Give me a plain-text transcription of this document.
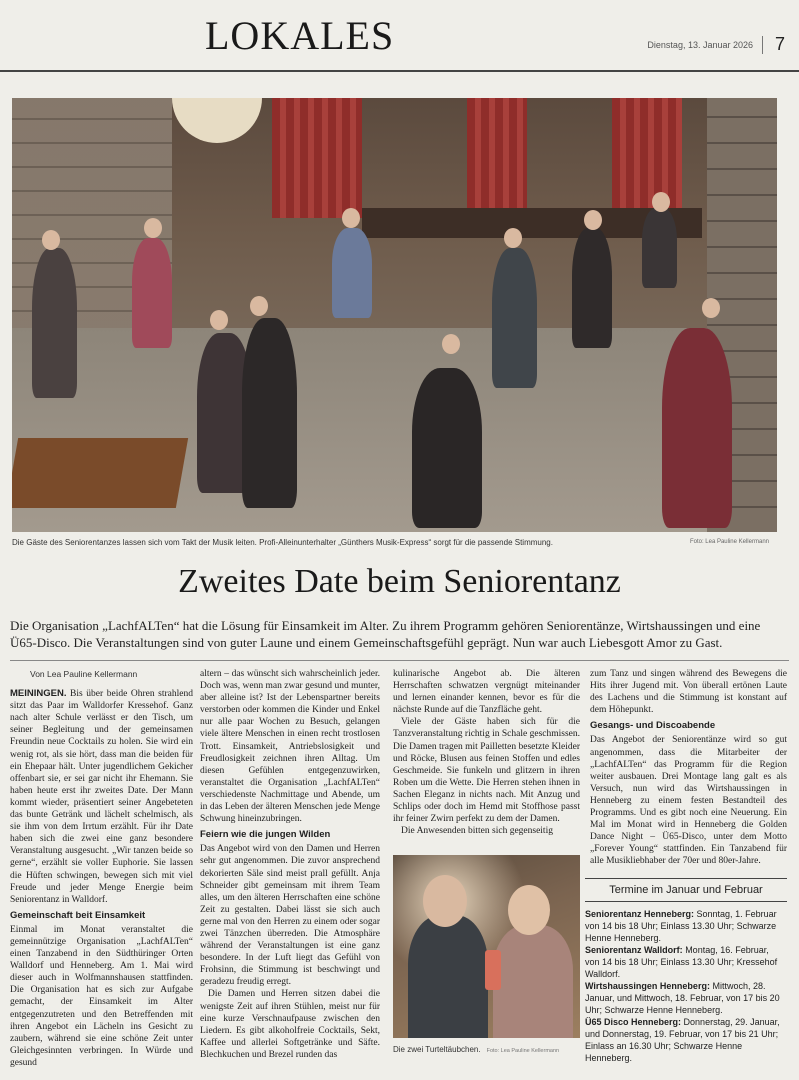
LOKALES	Dienstag, 13. Januar 2026 7
Die Gäste des Seniorentanzes lassen sich vom Takt der Musik leiten. Profi-Alleinunterhalter „Günthers Musik-Express“ sorgt für die passende Stimmung.	Foto: Lea Pauline Kellermann
Zweites Date beim Seniorentanz
Die Organisation „LachfALTen“ hat die Lösung für Einsamkeit im Alter. Zu ihrem Programm gehören Seniorentänze, Wirtshaussingen und eine Ü65-Disco. Die Veranstaltungen sind von guter Laune und einem Gemeinschaftsgefühl geprägt. Nun war auch Liebesgott Amor zu Gast.
Von Lea Pauline Kellermann

MEININGEN. Bis über beide Ohren strahlend sitzt das Paar im Walldorfer Kressehof. Ganz nach alter Schule verlässt er den Tisch, um seiner Begleitung und der gemeinsamen Freundin neue Cocktails zu holen. Sie wird ein wenig rot, als sie hört, dass man die beiden für ein Ehepaar hält. Unter jugendlichem Gekicher offenbart sie, er sei gar nicht ihr Ehemann. Sie haben heute erst ihr zweites Date. Der Mann kommt wieder, präsentiert seiner Angebeteten das bunte Getränk und lächelt schelmisch, als sie ihm von dem Irrtum erzählt. Für ihr Date haben sich die zwei eine ganz besondere Veranstaltung ausgesucht. „Wir tanzen beide so gerne“, erzählt sie voller Euphorie. Sie lassen die Hüften schwingen, bewegen sich mit viel Freude und jeder Menge Energie beim Seniorentanz in Walldorf.

Gemeinschaft beit Einsamkeit

Einmal im Monat veranstaltet die gemeinnützige Organisation „LachfALTen“ einen Tanzabend in den Südthüringer Orten Walldorf und Henneberg. Am 1. Mai wird dieser auch in Wolfmannshausen stattfinden. Die Organisation hat es sich zur Aufgabe gemacht, der Einsamkeit im Alter entgegenzutreten und den Betreffenden mit ihren Angebot ein Lächeln ins Gesicht zu zaubern, während sie eine schöne Zeit unter Gleichgesinnten verbringen. In Würde und gesund

altern – das wünscht sich wahrscheinlich jeder. Doch was, wenn man zwar gesund und munter, aber alleine ist? Ist der Lebenspartner bereits verstorben oder kommen die Kinder und Enkel nur alle paar Wochen zu Besuch, gelangen viele ältere Menschen in einen recht trostlosen Trott. Einsamkeit, Antriebslosigkeit und Freudlosigkeit zeichnen ihren Alltag. Um diesen Gefühlen entgegenzuwirken, veranstaltet die Organisation „LachfALTen“ verschiedenste Nachmittage und Abende, um in das Leben der älteren Menschen jede Menge Schwung hineinzubringen.

Feiern wie die jungen Wilden

Das Angebot wird von den Damen und Herren sehr gut angenommen. Die zuvor ansprechend dekorierten Säle sind meist prall gefüllt. Anja Schneider gibt gemeinsam mit ihrem Team alles, um den älteren Herrschaften eine schöne Zeit zu gestalten. Dabei lässt sie sich auch gerne mal von den Herren zu einem oder sogar zwei Tänzchen überreden. Die Atmosphäre während der Veranstaltungen ist eine ganz besondere. In der Luft liegt das Gefühl von Frohsinn, die Stimmung ist beschwingt und geradezu freudig erregt.

Die Damen und Herren sitzen dabei die wenigste Zeit auf ihren Stühlen, meist nur für eine kurze Verschnaufpause zwischen den Liedern. Es gibt alkoholfreie Cocktails, Sekt, Kaffee und allerlei Softgetränke und Säfte. Blechkuchen und Brezel runden das

kulinarische Angebot ab. Die älteren Herrschaften schwatzen vergnügt miteinander und lernen einander kennen, bevor es für die nächste Runde auf die Tanzfläche geht.

Viele der Gäste haben sich für die Tanzveranstaltung richtig in Schale geschmissen. Die Damen tragen mit Pailletten besetzte Kleider und Röcke, Blusen aus feinen Stoffen und edles Geschmeide. Sie funkeln und glitzern in ihren Roben um die Wette. Die Herren stehen ihnen in Sachen Eleganz in nichts nach. Mit Anzug und Schlips oder doch im Hemd mit Stoffhose passt ihr feiner Zwirn perfekt zu dem der Damen.

Die Anwesenden bitten sich gegenseitig

Die zwei Turteltäubchen. Foto: Lea Pauline Kellermann

zum Tanz und singen während des Bewegens die Hits ihrer Jugend mit. Von überall ertönen Laute des Lachens und die Stimmung ist konstant auf dem Höhepunkt.

Gesangs- und Discoabende

Das Angebot der Seniorentänze wird so gut angenommen, dass die Mitarbeiter der „LachfALTen“ das Programm für die Region weiter ausbauen. Drei Montage lang galt es als Versuch, nun wird das Wirtshaussingen in Henneberg zu einem festen Bestandteil des Programms. Und es gibt noch eine Neuerung. Ein Mal im Monat wird in Henneberg die Golden Dance Night – Ü65-Disco, unter dem Motto „Forever Young“ stattfinden. Ein Tanzabend für alle Musikliebhaber der 70er und 80er-Jahre.

Termine im Januar und Februar
Seniorentanz Henneberg: Sonntag, 1. Februar von 14 bis 18 Uhr; Einlass 13.30 Uhr; Schwarze Henne Henneberg.
Seniorentanz Walldorf: Montag, 16. Februar, von 14 bis 18 Uhr; Einlass 13.30 Uhr; Kressehof Walldorf.
Wirtshaussingen Henneberg: Mittwoch, 28. Januar, und Mittwoch, 18. Februar, von 17 bis 20 Uhr; Schwarze Henne Henneberg.
Ü65 Disco Henneberg: Donnerstag, 29. Januar, und Donnerstag, 19. Februar, von 17 bis 21 Uhr; Einlass an 16.30 Uhr; Schwarze Henne Henneberg.
